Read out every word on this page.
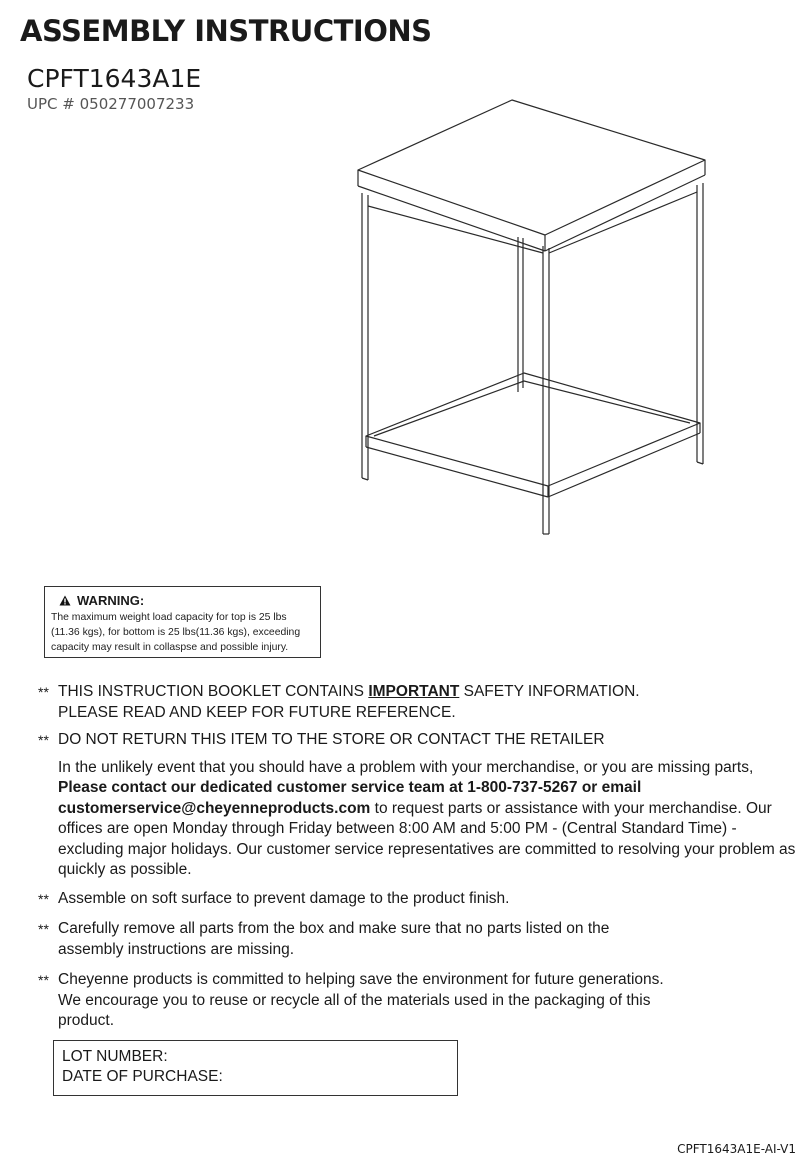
ASSEMBLY INSTRUCTIONS
CPFT1643A1E
UPC # 050277007233
WARNING:
The maximum weight load capacity for top is 25 lbs
(11.36 kgs), for bottom is 25 lbs(11.36 kgs), exceeding
capacity may result in collaspse and possible injury.
** THIS INSTRUCTION BOOKLET CONTAINS IMPORTANT SAFETY INFORMATION.
PLEASE READ AND KEEP FOR FUTURE REFERENCE.
** DO NOT RETURN THIS ITEM TO THE STORE OR CONTACT THE RETAILER
In the unlikely event that you should have a problem with your merchandise, or you are missing parts, Please contact our dedicated customer service team at 1-800-737-5267 or email customerservice@cheyenneproducts.com to request parts or assistance with your merchandise. Our offices are open Monday through Friday between 8:00 AM and 5:00 PM - (Central Standard Time) - excluding major holidays. Our customer service representatives are committed to resolving your problem as quickly as possible.
** Assemble on soft surface to prevent damage to the product finish.
** Carefully remove all parts from the box and make sure that no parts listed on the assembly instructions are missing.
** Cheyenne products is committed to helping save the environment for future generations. We encourage you to reuse or recycle all of the materials used in the packaging of this product.
LOT NUMBER:
DATE OF PURCHASE:
CPFT1643A1E-AI-V1
